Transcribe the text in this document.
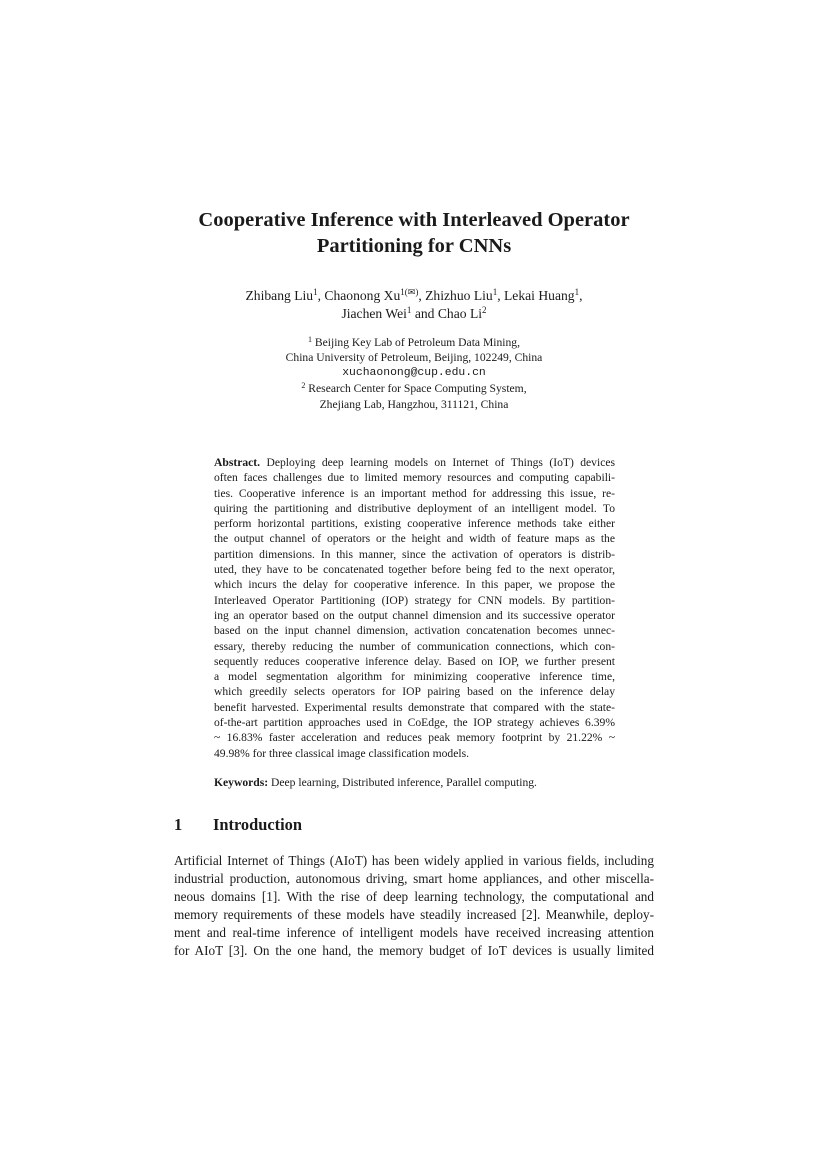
Cooperative Inference with Interleaved Operator
Partitioning for CNNs
Zhibang Liu$^1$, Chaonong $Xu^{1(✉)}$, Zhizhuo Liu$^1$, Lekai Huang$^1$,
Jiachen Wei$^1$ and Chao Li$^2$
$^1$ Beijing Key Lab of Petroleum Data Mining,
China University of Petroleum, Beijing, 102249, China
xuchaonong@cup.edu.cn
$^2$ Research Center for Space Computing System,
Zhejiang Lab, Hangzhou, 311121, China
Abstract. Deploying deep learning models on Internet of Things (IoT) devices
often faces challenges due to limited memory resources and computing capabili-
ties. Cooperative inference is an important method for addressing this issue, re-
quiring the partitioning and distributive deployment of an intelligent model. To
perform horizontal partitions, existing cooperative inference methods take either
the output channel of operators or the height and width of feature maps as the
partition dimensions. In this manner, since the activation of operators is distrib-
uted, they have to be concatenated together before being fed to the next operator,
which incurs the delay for cooperative inference. In this paper, we propose the
Interleaved Operator Partitioning (IOP) strategy for CNN models. By partition-
ing an operator based on the output channel dimension and its successive operator
based on the input channel dimension, activation concatenation becomes unnec-
essary, thereby reducing the number of communication connections, which con-
sequently reduces cooperative inference delay. Based on IOP, we further present
a model segmentation algorithm for minimizing cooperative inference time,
which greedily selects operators for IOP pairing based on the inference delay
benefit harvested. Experimental results demonstrate that compared with the state-
of-the-art partition approaches used in CoEdge, the IOP strategy achieves 6.39%
~ 16.83% faster acceleration and reduces peak memory footprint by 21.22% ~
49.98% for three classical image classification models.
Keywords: Deep learning, Distributed inference, Parallel computing.
1 Introduction
Artificial Internet of Things (AIoT) has been widely applied in various fields, including
industrial production, autonomous driving, smart home appliances, and other miscella-
neous domains [1]. With the rise of deep learning technology, the computational and
memory requirements of these models have steadily increased [2]. Meanwhile, deploy-
ment and real-time inference of intelligent models have received increasing attention
for AIoT [3]. On the one hand, the memory budget of IoT devices is usually limited
